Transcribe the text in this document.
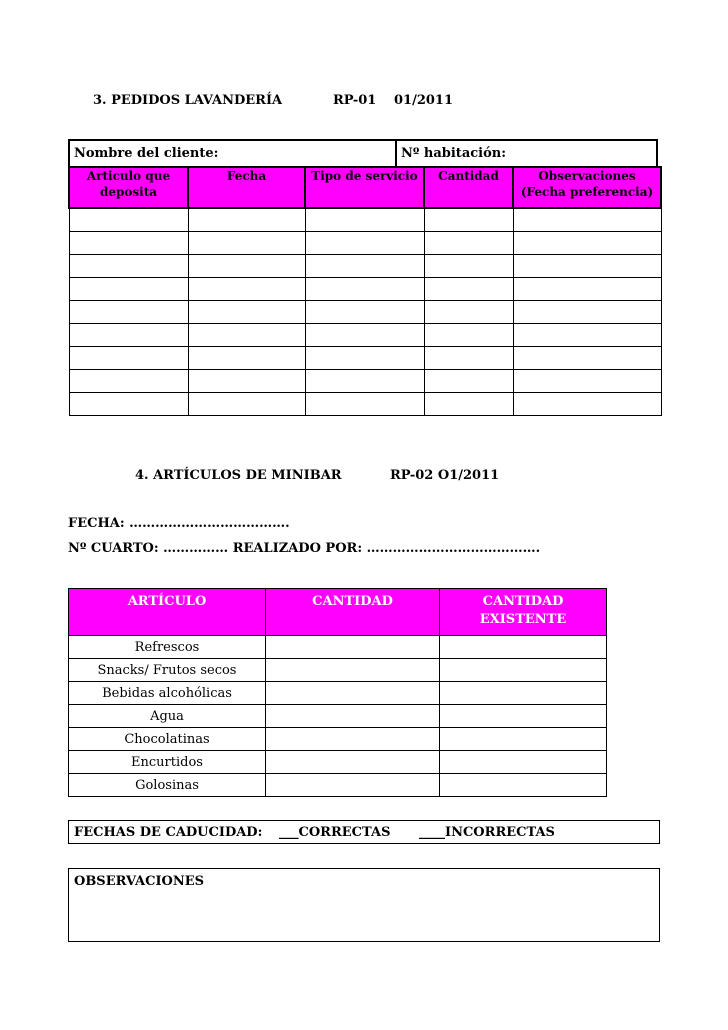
3. PEDIDOS LAVANDERÍA

	RP-01

01/2011

Nombre del cliente:	Nº habitación:
Articulo que
deposita	Fecha	Tipo de servicio	Cantidad	Observaciones
(Fecha preferencia)

4. ARTÍCULOS DE MINIBAR	RP-02 O1/2011
FECHA: ……………………………….
Nº CUARTO: …………… REALIZADO POR: ………………………………….
ARTÍCULO	CANTIDAD	CANTIDAD
EXISTENTE
Refrescos		
Snacks/ Frutos secos		
Bebidas alcohólicas		
Agua		
Chocolatinas		
Encurtidos		
Golosinas		
FECHAS DE CADUCIDAD: ___CORRECTAS ____INCORRECTAS
OBSERVACIONES
